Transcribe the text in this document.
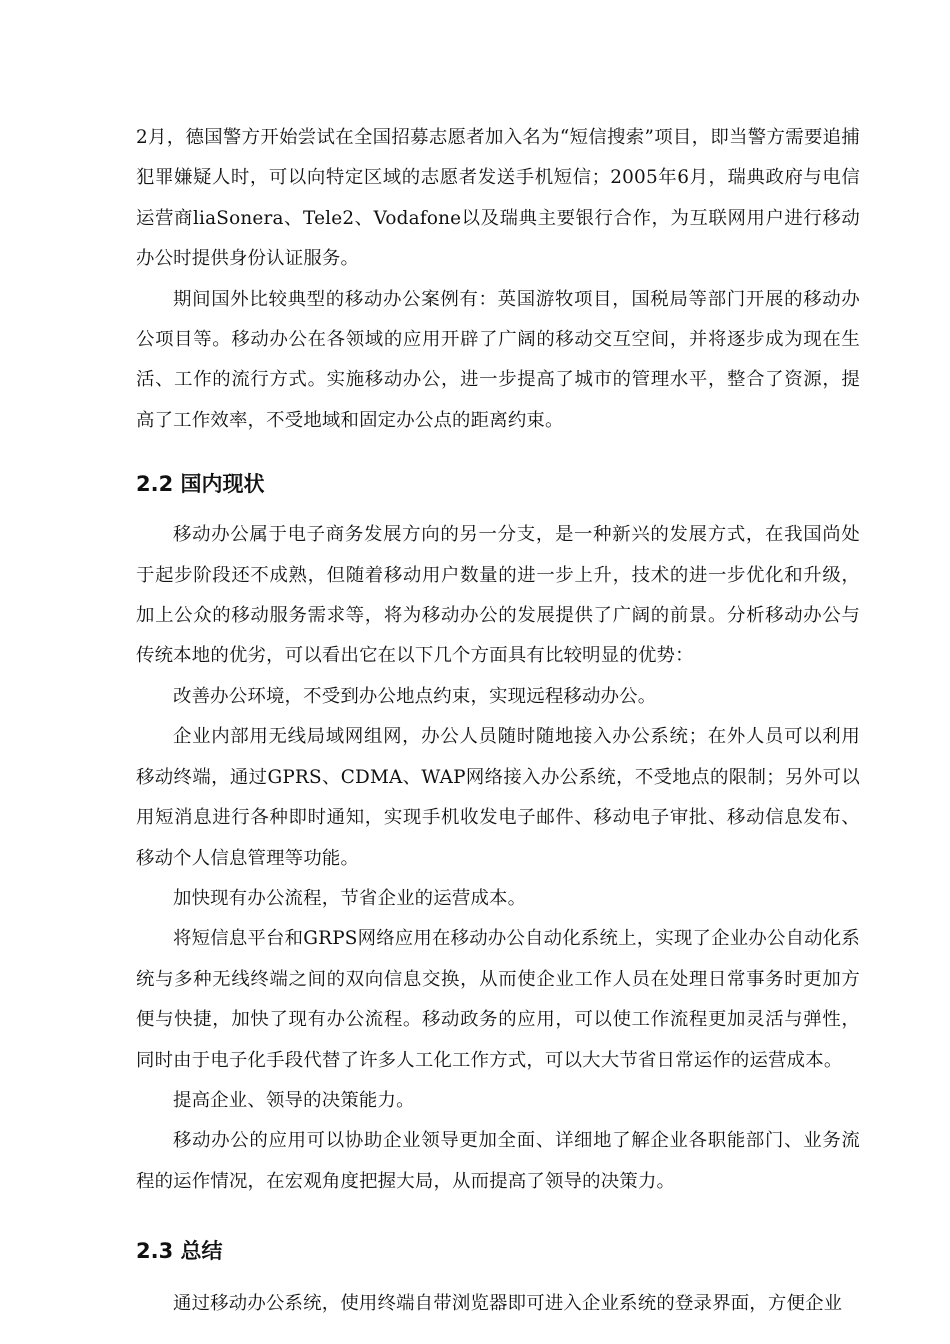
2月，德国警方开始尝试在全国招募志愿者加入名为“短信搜索”项目，即当警方需要追捕犯罪嫌疑人时，可以向特定区域的志愿者发送手机短信；2005年6月，瑞典政府与电信运营商liaSonera、Tele2、Vodafone以及瑞典主要银行合作，为互联网用户进行移动办公时提供身份认证服务。

期间国外比较典型的移动办公案例有：英国游牧项目，国税局等部门开展的移动办公项目等。移动办公在各领域的应用开辟了广阔的移动交互空间，并将逐步成为现在生活、工作的流行方式。实施移动办公，进一步提高了城市的管理水平，整合了资源，提高了工作效率，不受地域和固定办公点的距离约束。

2.2 国内现状

移动办公属于电子商务发展方向的另一分支，是一种新兴的发展方式，在我国尚处于起步阶段还不成熟，但随着移动用户数量的进一步上升，技术的进一步优化和升级，加上公众的移动服务需求等，将为移动办公的发展提供了广阔的前景。分析移动办公与传统本地的优劣，可以看出它在以下几个方面具有比较明显的优势：

改善办公环境，不受到办公地点约束，实现远程移动办公。

企业内部用无线局域网组网，办公人员随时随地接入办公系统；在外人员可以利用移动终端，通过GPRS、CDMA、WAP网络接入办公系统，不受地点的限制；另外可以用短消息进行各种即时通知，实现手机收发电子邮件、移动电子审批、移动信息发布、移动个人信息管理等功能。

加快现有办公流程，节省企业的运营成本。

将短信息平台和GRPS网络应用在移动办公自动化系统上，实现了企业办公自动化系统与多种无线终端之间的双向信息交换，从而使企业工作人员在处理日常事务时更加方便与快捷，加快了现有办公流程。移动政务的应用，可以使工作流程更加灵活与弹性，同时由于电子化手段代替了许多人工化工作方式，可以大大节省日常运作的运营成本。

提高企业、领导的决策能力。

移动办公的应用可以协助企业领导更加全面、详细地了解企业各职能部门、业务流程的运作情况，在宏观角度把握大局，从而提高了领导的决策力。

2.3 总结

通过移动办公系统，使用终端自带浏览器即可进入企业系统的登录界面，方便企业
